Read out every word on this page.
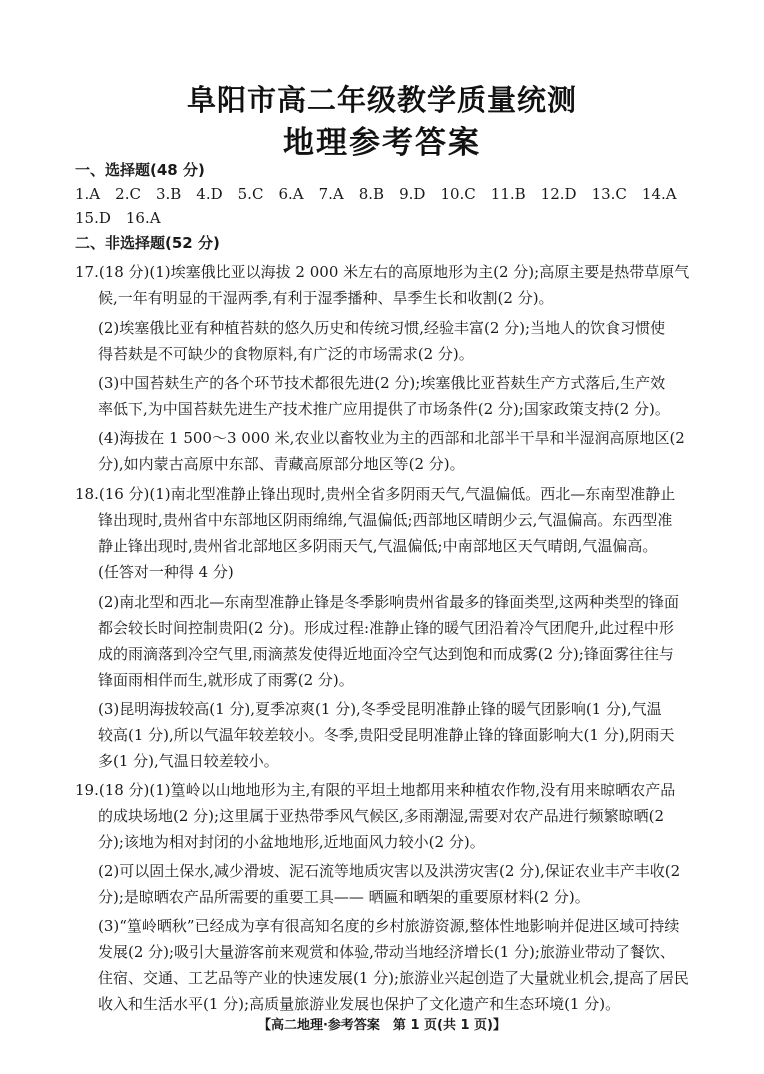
阜阳市高二年级教学质量统测
地理参考答案
一、选择题(48 分)
1.A 2.C 3.B 4.D 5.C 6.A 7.A 8.B 9.D 10.C 11.B 12.D 13.C 14.A
15.D 16.A
二、非选择题(52 分)
17.(18 分)(1)埃塞俄比亚以海拔 2 000 米左右的高原地形为主(2 分);高原主要是热带草原气
候,一年有明显的干湿两季,有利于湿季播种、旱季生长和收割(2 分)。
(2)埃塞俄比亚有种植苔麸的悠久历史和传统习惯,经验丰富(2 分);当地人的饮食习惯使
得苔麸是不可缺少的食物原料,有广泛的市场需求(2 分)。
(3)中国苔麸生产的各个环节技术都很先进(2 分);埃塞俄比亚苔麸生产方式落后,生产效
率低下,为中国苔麸先进生产技术推广应用提供了市场条件(2 分);国家政策支持(2 分)。
(4)海拔在 1 500～3 000 米,农业以畜牧业为主的西部和北部半干旱和半湿润高原地区(2
分),如内蒙古高原中东部、青藏高原部分地区等(2 分)。
18.(16 分)(1)南北型准静止锋出现时,贵州全省多阴雨天气,气温偏低。西北—东南型准静止
锋出现时,贵州省中东部地区阴雨绵绵,气温偏低;西部地区晴朗少云,气温偏高。东西型准
静止锋出现时,贵州省北部地区多阴雨天气,气温偏低;中南部地区天气晴朗,气温偏高。
(任答对一种得 4 分)
(2)南北型和西北—东南型准静止锋是冬季影响贵州省最多的锋面类型,这两种类型的锋面
都会较长时间控制贵阳(2 分)。形成过程:准静止锋的暖气团沿着冷气团爬升,此过程中形
成的雨滴落到冷空气里,雨滴蒸发使得近地面冷空气达到饱和而成雾(2 分);锋面雾往往与
锋面雨相伴而生,就形成了雨雾(2 分)。
(3)昆明海拔较高(1 分),夏季凉爽(1 分),冬季受昆明准静止锋的暖气团影响(1 分),气温
较高(1 分),所以气温年较差较小。冬季,贵阳受昆明准静止锋的锋面影响大(1 分),阴雨天
多(1 分),气温日较差较小。
19.(18 分)(1)篁岭以山地地形为主,有限的平坦土地都用来种植农作物,没有用来晾晒农产品
的成块场地(2 分);这里属于亚热带季风气候区,多雨潮湿,需要对农产品进行频繁晾晒(2
分);该地为相对封闭的小盆地地形,近地面风力较小(2 分)。
(2)可以固土保水,减少滑坡、泥石流等地质灾害以及洪涝灾害(2 分),保证农业丰产丰收(2
分);是晾晒农产品所需要的重要工具—— 晒匾和晒架的重要原材料(2 分)。
(3)“篁岭晒秋”已经成为享有很高知名度的乡村旅游资源,整体性地影响并促进区域可持续
发展(2 分);吸引大量游客前来观赏和体验,带动当地经济增长(1 分);旅游业带动了餐饮、
住宿、交通、工艺品等产业的快速发展(1 分);旅游业兴起创造了大量就业机会,提高了居民
收入和生活水平(1 分);高质量旅游业发展也保护了文化遗产和生态环境(1 分)。
【高二地理·参考答案　第 1 页(共 1 页)】
